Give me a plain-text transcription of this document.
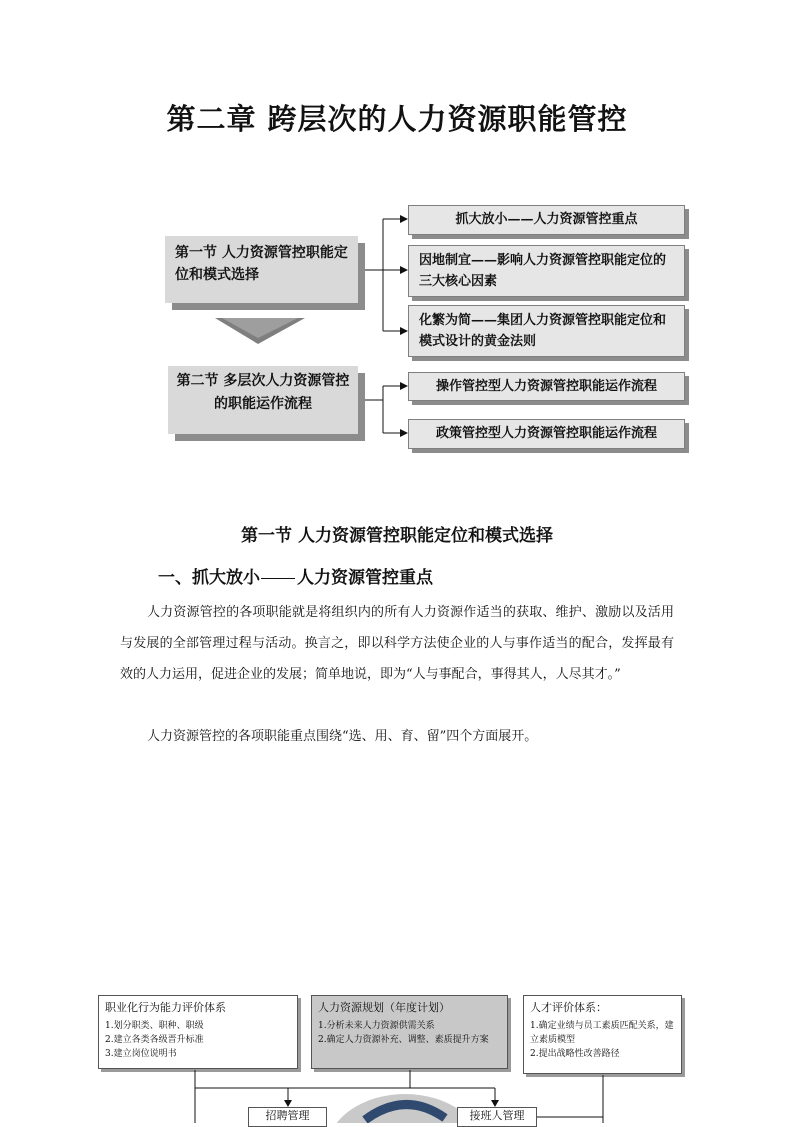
第二章 跨层次的人力资源职能管控
第一节 人力资源管控职能定位和模式选择
第二节 多层次人力资源管控的职能运作流程
抓大放小——人力资源管控重点
因地制宜——影响人力资源管控职能定位的三大核心因素
化繁为简——集团人力资源管控职能定位和模式设计的黄金法则
操作管控型人力资源管控职能运作流程
政策管控型人力资源管控职能运作流程
第一节 人力资源管控职能定位和模式选择
一、抓大放小 人力资源管控重点
人力资源管控的各项职能就是将组织内的所有人力资源作适当的获取、维护、激励以及活用与发展的全部管理过程与活动。换言之，即以科学方法使企业的人与事作适当的配合，发挥最有效的人力运用，促进企业的发展；简单地说，即为“人与事配合，事得其人，人尽其才。”
人力资源管控的各项职能重点围绕“选、用、育、留”四个方面展开。
职业化行为能力评价体系
1.划分职类、职种、职级
2.建立各类各级晋升标准
3.建立岗位说明书
人力资源规划（年度计划）
1.分析未来人力资源供需关系
2.确定人力资源补充、调整、素质提升方案
人才评价体系：
1.确定业绩与员工素质匹配关系，建立素质模型
2.提出战略性改善路径
招聘管理	接班人管理
